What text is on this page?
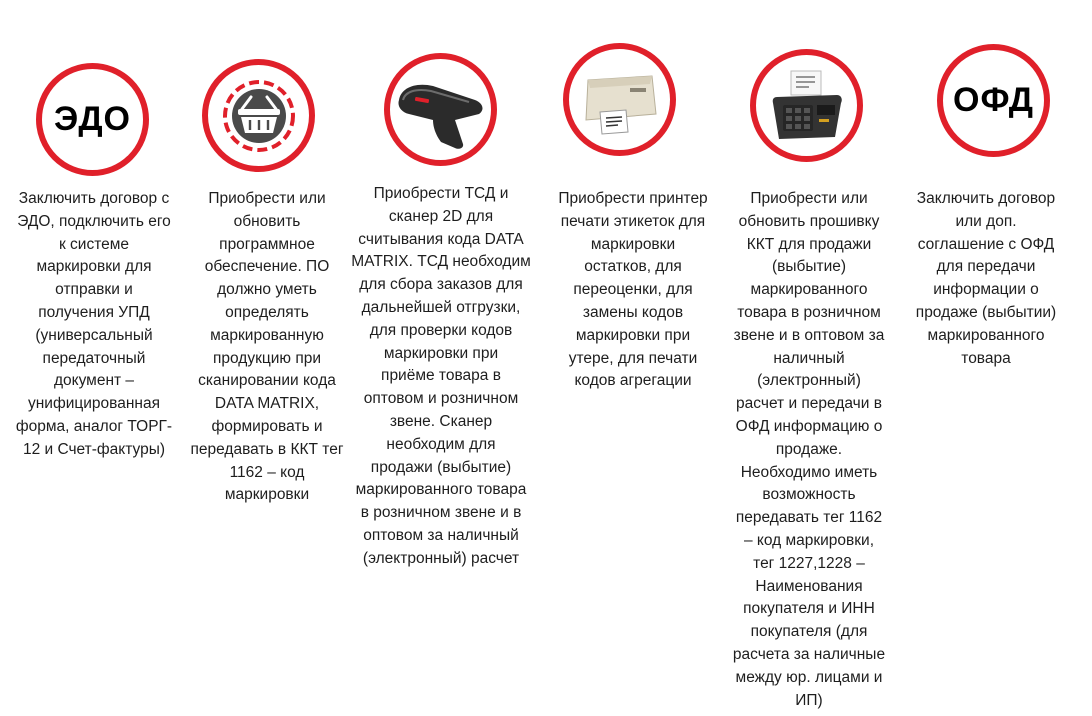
ЭДО
Заключить договор с
ЭДО, подключить его
к системе
маркировки для
отправки и
получения УПД
(универсальный
передаточный
документ –
унифицированная
форма, аналог ТОРГ-
12 и Счет-фактуры)
Приобрести или
обновить
программное
обеспечение. ПО
должно уметь
определять
маркированную
продукцию при
сканировании кода
DATA MATRIX,
формировать и
передавать в ККТ тег
1162 – код
маркировки
Приобрести ТСД и
сканер 2D для
считывания кода DATA
MATRIX. ТСД необходим
для сбора заказов для
дальнейшей отгрузки,
для проверки кодов
маркировки при
приёме товара в
оптовом и розничном
звене. Сканер
необходим для
продажи (выбытие)
маркированного товара
в розничном звене и в
оптовом за наличный
(электронный) расчет
Приобрести принтер
печати этикеток для
маркировки
остатков, для
переоценки, для
замены кодов
маркировки при
утере, для печати
кодов агрегации
Приобрести или
обновить прошивку
ККТ для продажи
(выбытие)
маркированного
товара в розничном
звене и в оптовом за
наличный
(электронный)
расчет и передачи в
ОФД информацию о
продаже.
Необходимо иметь
возможность
передавать тег 1162
– код маркировки,
тег 1227,1228 –
Наименования
покупателя и ИНН
покупателя (для
расчета за наличные
между юр. лицами и
ИП)
ОФД
Заключить договор
или доп.
соглашение с ОФД
для передачи
информации о
продаже (выбытии)
маркированного
товара
